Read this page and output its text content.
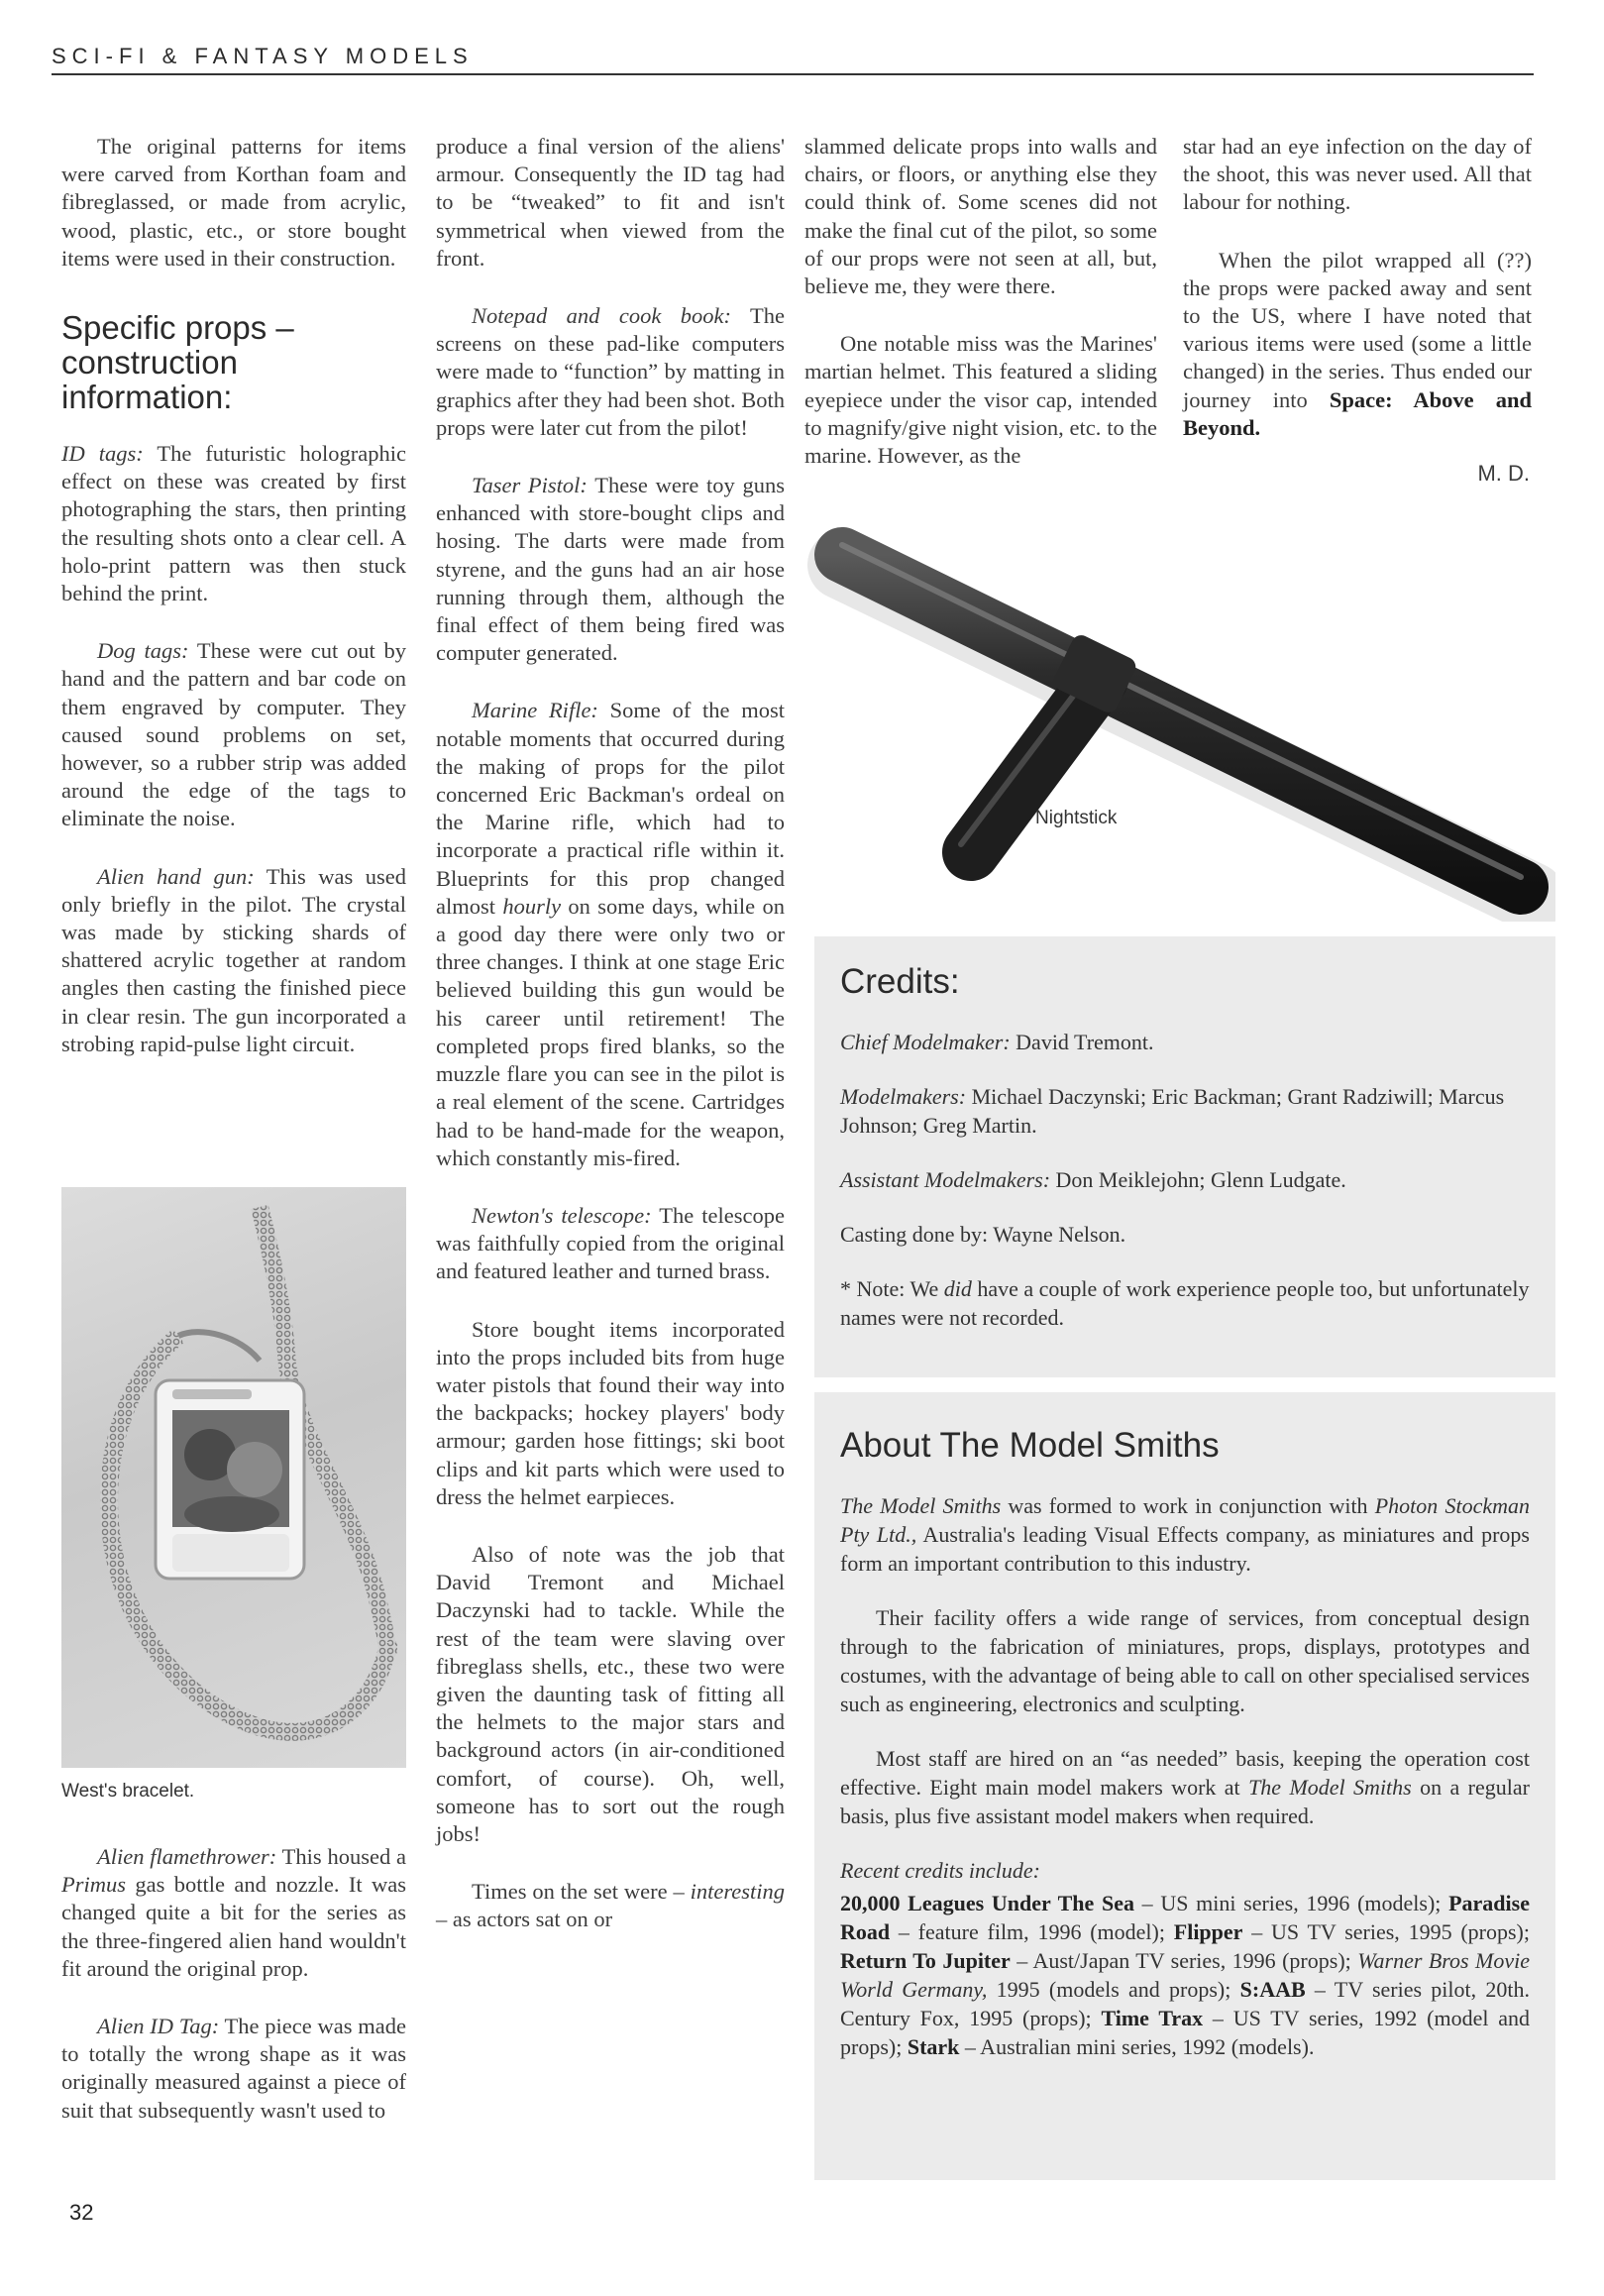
SCI-FI & FANTASY MODELS

The original patterns for items were carved from Korthan foam and fibreglassed, or made from acrylic, wood, plastic, etc., or store bought items were used in their construction.

Specific props – construction information:

ID tags: The futuristic holographic effect on these was created by first photographing the stars, then printing the resulting shots onto a clear cell. A holo-print pattern was then stuck behind the print.

Dog tags: These were cut out by hand and the pattern and bar code on them engraved by computer. They caused sound problems on set, however, so a rubber strip was added around the edge of the tags to eliminate the noise.

Alien hand gun: This was used only briefly in the pilot. The crystal was made by sticking shards of shattered acrylic together at random angles then casting the finished piece in clear resin. The gun incorporated a strobing rapid-pulse light circuit.

West's bracelet.

Alien flamethrower: This housed a Primus gas bottle and nozzle. It was changed quite a bit for the series as the three-fingered alien hand wouldn't fit around the original prop.

Alien ID Tag: The piece was made to totally the wrong shape as it was originally measured against a piece of suit that subsequently wasn't used to

produce a final version of the aliens' armour. Consequently the ID tag had to be “tweaked” to fit and isn't symmetrical when viewed from the front.

Notepad and cook book: The screens on these pad-like computers were made to “function” by matting in graphics after they had been shot. Both props were later cut from the pilot!

Taser Pistol: These were toy guns enhanced with store-bought clips and hosing. The darts were made from styrene, and the guns had an air hose running through them, although the final effect of them being fired was computer generated.

Marine Rifle: Some of the most notable moments that occurred during the making of props for the pilot concerned Eric Backman's ordeal on the Marine rifle, which had to incorporate a practical rifle within it. Blueprints for this prop changed almost hourly on some days, while on a good day there were only two or three changes. I think at one stage Eric believed building this gun would be his career until retirement! The completed props fired blanks, so the muzzle flare you can see in the pilot is a real element of the scene. Cartridges had to be hand-made for the weapon, which constantly mis-fired.

Newton's telescope: The telescope was faithfully copied from the original and featured leather and turned brass.

Store bought items incorporated into the props included bits from huge water pistols that found their way into the backpacks; hockey players' body armour; garden hose fittings; ski boot clips and kit parts which were used to dress the helmet earpieces.

Also of note was the job that David Tremont and Michael Daczynski had to tackle. While the rest of the team were slaving over fibreglass shells, etc., these two were given the daunting task of fitting all the helmets to the major stars and background actors (in air-conditioned comfort, of course). Oh, well, someone has to sort out the rough jobs!

Times on the set were – interesting – as actors sat on or

slammed delicate props into walls and chairs, or floors, or anything else they could think of. Some scenes did not make the final cut of the pilot, so some of our props were not seen at all, but, believe me, they were there.

One notable miss was the Marines' martian helmet. This featured a sliding eyepiece under the visor cap, intended to magnify/give night vision, etc. to the marine. However, as the

star had an eye infection on the day of the shoot, this was never used. All that labour for nothing.

When the pilot wrapped all (??) the props were packed away and sent to the US, where I have noted that various items were used (some a little changed) in the series. Thus ended our journey into Space: Above and Beyond.

M. D.
Nightstick
Credits:

Chief Modelmaker: David Tremont.

Modelmakers: Michael Daczynski; Eric Backman; Grant Radziwill; Marcus Johnson; Greg Martin.

Assistant Modelmakers: Don Meiklejohn; Glenn Ludgate.

Casting done by: Wayne Nelson.

* Note: We did have a couple of work experience people too, but unfortunately names were not recorded.

About The Model Smiths

The Model Smiths was formed to work in conjunction with Photon Stockman Pty Ltd., Australia's leading Visual Effects company, as miniatures and props form an important contribution to this industry.

Their facility offers a wide range of services, from conceptual design through to the fabrication of miniatures, props, displays, prototypes and costumes, with the advantage of being able to call on other specialised services such as engineering, electronics and sculpting.

Most staff are hired on an “as needed” basis, keeping the operation cost effective. Eight main model makers work at The Model Smiths on a regular basis, plus five assistant model makers when required.

Recent credits include:

20,000 Leagues Under The Sea – US mini series, 1996 (models); Paradise Road – feature film, 1996 (model); Flipper – US TV series, 1995 (props); Return To Jupiter – Aust/Japan TV series, 1996 (props); Warner Bros Movie World Germany, 1995 (models and props); S:AAB – TV series pilot, 20th. Century Fox, 1995 (props); Time Trax – US TV series, 1992 (model and props); Stark – Australian mini series, 1992 (models).

32
